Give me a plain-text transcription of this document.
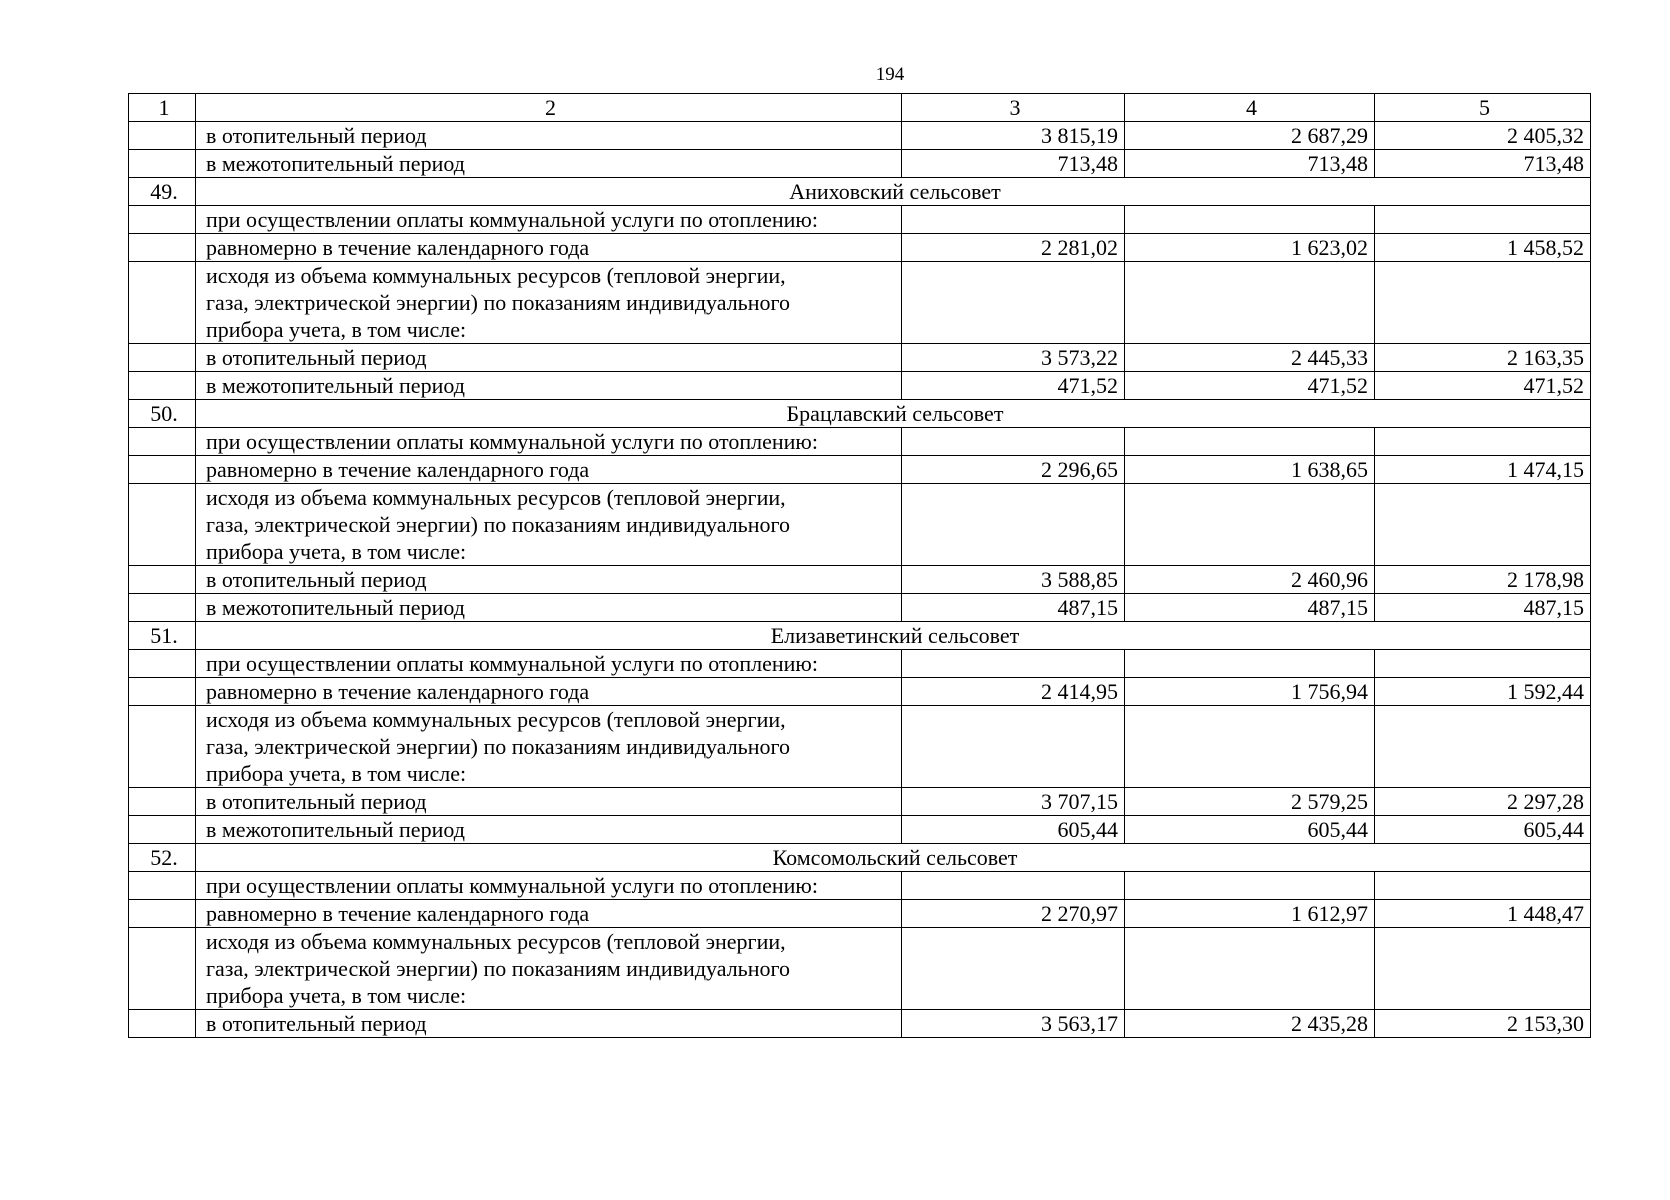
194
1	2	3	4	5
	в отопительный период	3 815,19	2 687,29	2 405,32
	в межотопительный период	713,48	713,48	713,48
49.	Аниховский сельсовет			
	при осуществлении оплаты коммунальной услуги по отоплению:			
	равномерно в течение календарного года	2 281,02	1 623,02	1 458,52

	исходя из объема коммунальных ресурсов (тепловой энергии,
газа, электрической энергии) по показаниям индивидуального
прибора учета, в том числе:			

	в отопительный период	3 573,22	2 445,33	2 163,35
	в межотопительный период	471,52	471,52	471,52
50.	Брацлавский сельсовет			
	при осуществлении оплаты коммунальной услуги по отоплению:			
	равномерно в течение календарного года	2 296,65	1 638,65	1 474,15

	исходя из объема коммунальных ресурсов (тепловой энергии,
газа, электрической энергии) по показаниям индивидуального
прибора учета, в том числе:			

	в отопительный период	3 588,85	2 460,96	2 178,98
	в межотопительный период	487,15	487,15	487,15
51.	Елизаветинский сельсовет			
	при осуществлении оплаты коммунальной услуги по отоплению:			
	равномерно в течение календарного года	2 414,95	1 756,94	1 592,44

	исходя из объема коммунальных ресурсов (тепловой энергии,
газа, электрической энергии) по показаниям индивидуального
прибора учета, в том числе:			

	в отопительный период	3 707,15	2 579,25	2 297,28
	в межотопительный период	605,44	605,44	605,44
52.	Комсомольский сельсовет			
	при осуществлении оплаты коммунальной услуги по отоплению:			
	равномерно в течение календарного года	2 270,97	1 612,97	1 448,47

	исходя из объема коммунальных ресурсов (тепловой энергии,
газа, электрической энергии) по показаниям индивидуального
прибора учета, в том числе:			

	в отопительный период	3 563,17	2 435,28	2 153,30
